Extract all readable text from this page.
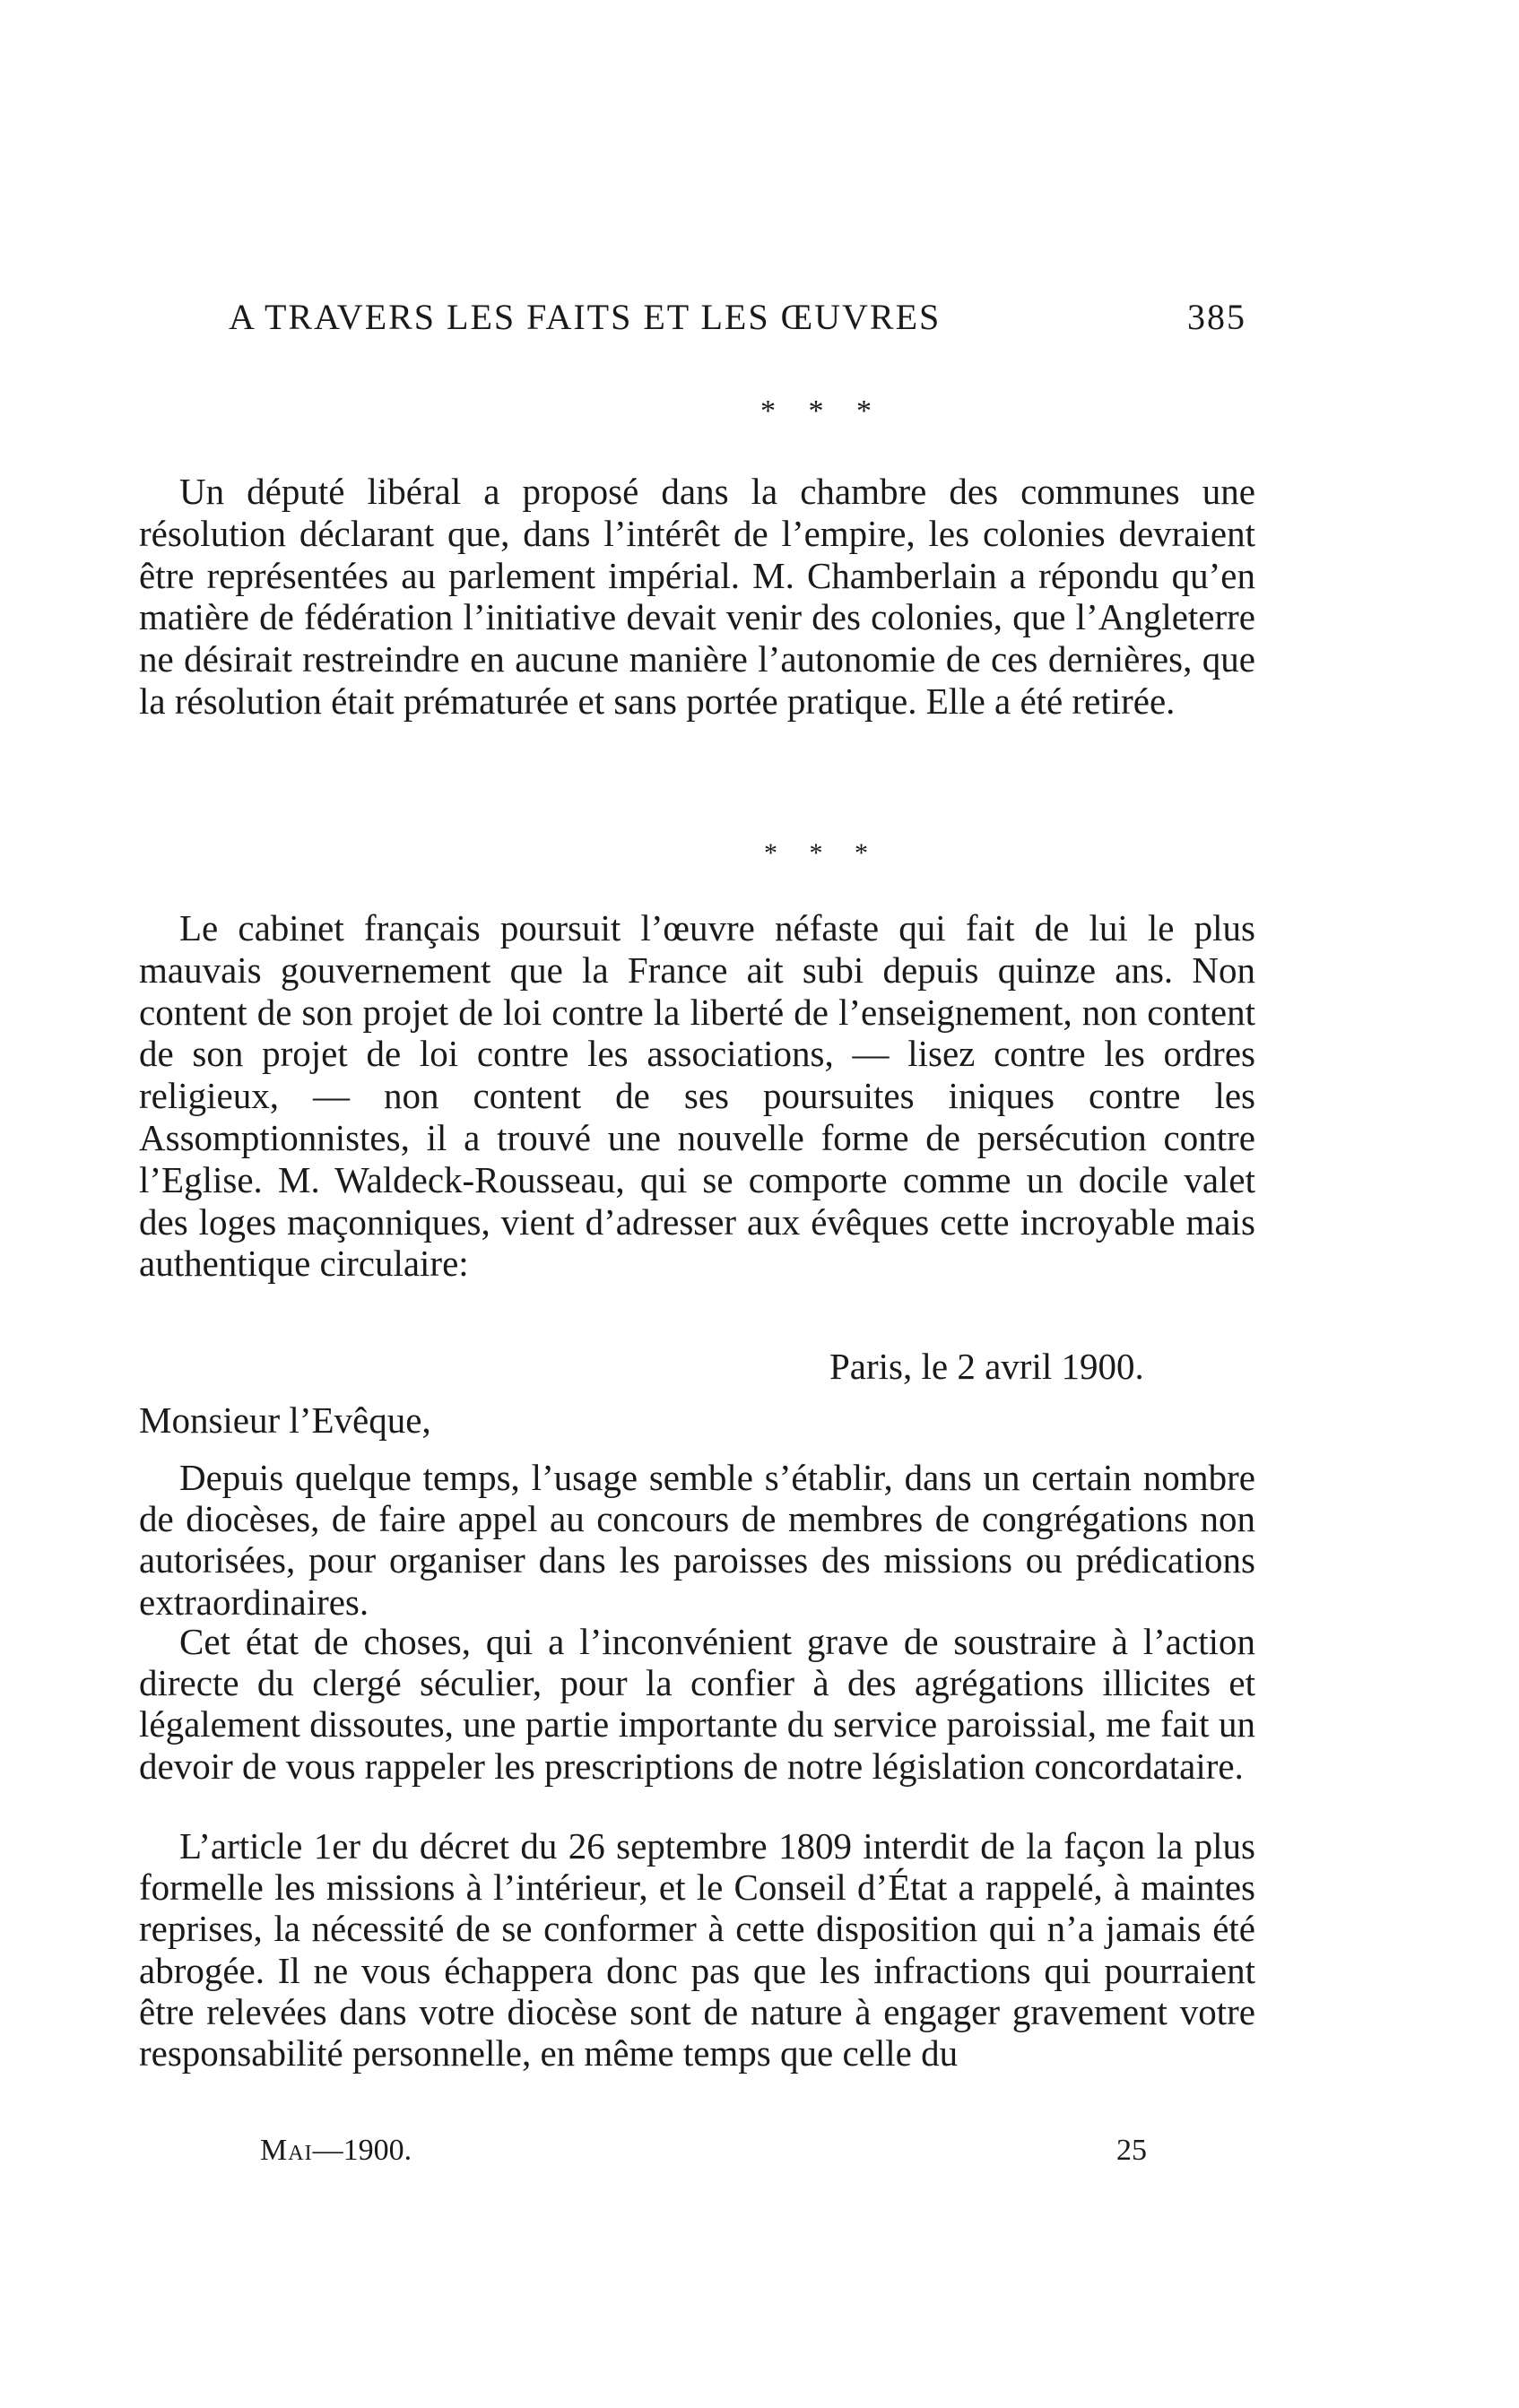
A TRAVERS LES FAITS ET LES ŒUVRES	385
* * *

Un député libéral a proposé dans la chambre des communes une résolution déclarant que, dans l’intérêt de l’empire, les colonies devraient être représentées au parlement impérial. M. Chamberlain a répondu qu’en matière de fédération l’initiative devait venir des colonies, que l’Angleterre ne désirait restreindre en aucune manière l’autonomie de ces dernières, que la résolution était prématurée et sans portée pratique. Elle a été retirée.

* * *

Le cabinet français poursuit l’œuvre néfaste qui fait de lui le plus mauvais gouvernement que la France ait subi depuis quinze ans. Non content de son projet de loi contre la liberté de l’enseignement, non content de son projet de loi contre les associations, — lisez contre les ordres religieux, — non content de ses poursuites iniques contre les Assomptionnistes, il a trouvé une nouvelle forme de persécution contre l’Eglise. M. Waldeck-Rousseau, qui se comporte comme un docile valet des loges maçonniques, vient d’adresser aux évêques cette incroyable mais authentique circulaire:

Paris, le 2 avril 1900.
Monsieur l’Evêque,

Depuis quelque temps, l’usage semble s’établir, dans un certain nombre de diocèses, de faire appel au concours de membres de congrégations non autorisées, pour organiser dans les paroisses des missions ou prédications extraordinaires.

Cet état de choses, qui a l’inconvénient grave de soustraire à l’action directe du clergé séculier, pour la confier à des agrégations illicites et légalement dissoutes, une partie importante du service paroissial, me fait un devoir de vous rappeler les prescriptions de notre législation concordataire.

L’article 1er du décret du 26 septembre 1809 interdit de la façon la plus formelle les missions à l’intérieur, et le Conseil d’État a rappelé, à maintes reprises, la nécessité de se conformer à cette disposition qui n’a jamais été abrogée. Il ne vous échappera donc pas que les infractions qui pourraient être relevées dans votre diocèse sont de nature à engager gravement votre responsabilité personnelle, en même temps que celle du

Mai—1900.	25
